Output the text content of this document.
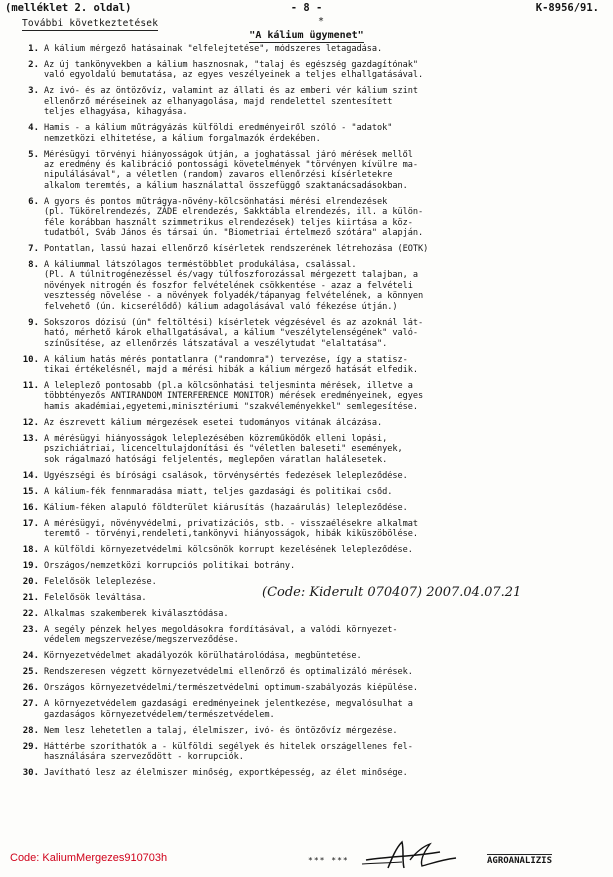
(melléklet 2. oldal)	- 8 -	K-8956/91.
További következtetések	*
"A kálium ügymenet"
1. A kálium mérgező hatásainak "elfelejtetése", módszeres letagadása.
2. Az új tankönyvekben a kálium hasznosnak, "talaj és egészség gazdagítónak"
való egyoldalú bemutatása, az egyes veszélyeinek a teljes elhallgatásával.
3. Az ivó- és az öntözővíz, valamint az állati és az emberi vér kálium szint
ellenőrző méréseinek az elhanyagolása, majd rendelettel szentesített
teljes elhagyása, kihagyása.
4. Hamis - a kálium műtrágyázás külföldi eredményeiről szóló - "adatok"
nemzetközi elhitetése, a kálium forgalmazók érdekében.
5. Mérésügyi törvényi hiányosságok útján, a joghatással járó mérések mellől
az eredmény és kalibráció pontossági követelmények "törvényen kívülre ma-
nipulálásával", a véletlen (random) zavaros ellenőrzési kísérletekre
alkalom teremtés, a kálium használattal összefüggő szaktanácsadásokban.
6. A gyors és pontos műtrágya-növény-kölcsönhatási mérési elrendezések
(pl. Tükörelrendezés, ZÁDE elrendezés, Sakktábla elrendezés, ill. a külön-
féle korábban használt szimmetrikus elrendezések) teljes kiirtása a köz-
tudatból, Sváb János és társai ún. "Biometriai értelmező szótára" alapján.
7. Pontatlan, lassú hazai ellenőrző kísérletek rendszerének létrehozása (EOTK)
8. A káliummal látszólagos terméstöbblet produkálása, csalással.
(Pl. A túlnitrogénezéssel és/vagy túlfoszforozással mérgezett talajban, a
növények nitrogén és foszfor felvételének csökkentése - azaz a felvételi
vesztesség növelése - a növények folyadék/tápanyag felvételének, a könnyen
felvehető (ún. kicserélődő) kálium adagolásával való fékezése útján.)
9. Sokszoros dózisú (ún" feltöltési) kísérletek végzésével és az azoknál lát-
ható, mérhető károk elhallgatásával, a kálium "veszélytelenségének" való-
színűsítése, az ellenőrzés látszatával a veszélytudat "elaltatása".
10. A kálium hatás mérés pontatlanra ("randomra") tervezése, így a statisz-
tikai értékelésnél, majd a mérési hibák a kálium mérgező hatását elfedik.
11. A leleplező pontosabb (pl.a kölcsönhatási teljesminta mérések, illetve a
többtényezős ANTIRANDOM INTERFERENCE MONITOR) mérések eredményeinek, egyes
hamis akadémiai,egyetemi,minisztériumi "szakvéleményekkel" semlegesítése.
12. Az észrevett kálium mérgezések esetei tudományos vitának álcázása.
13. A mérésügyi hiányosságok leleplezésében közreműködők elleni lopási,
pszichiátriai, licenceltulajdonítási és "véletlen baleseti" események,
sok rágalmazó hatósági feljelentés, meglepően váratlan halálesetek.
14. Ügyészségi és bírósági csalások, törvénysértés fedezések lelepleződése.
15. A kálium-fék fennmaradása miatt, teljes gazdasági és politikai csőd.
16. Kálium-féken alapuló földterület kiárusítás (hazaárulás) lelepleződése.
17. A mérésügyi, növényvédelmi, privatizációs, stb. - visszaélésekre alkalmat
teremtő - törvényi,rendeleti,tankönyvi hiányosságok, hibák kiküszöbölése.
18. A külföldi környezetvédelmi kölcsönök korrupt kezelésének lelepleződése.
19. Országos/nemzetközi korrupciós politikai botrány.
20. Felelősök leleplezése.
21. Felelősök leváltása.
22. Alkalmas szakemberek kiválasztódása.
23. A segély pénzek helyes megoldásokra fordításával, a valódi környezet-
védelem megszervezése/megszerveződése.
24. Környezetvédelmet akadályozók körülhatárolódása, megbüntetése.
25. Rendszeresen végzett környezetvédelmi ellenőrző és optimalizáló mérések.
26. Országos környezetvédelmi/természetvédelmi optimum-szabályozás kiépülése.
27. A környezetvédelem gazdasági eredményeinek jelentkezése, megvalósulhat a
gazdaságos környezetvédelem/természetvédelem.
28. Nem lesz lehetetlen a talaj, élelmiszer, ivó- és öntözővíz mérgezése.
29. Háttérbe szoríthatók a - külföldi segélyek és hitelek országellenes fel-
használására szerveződött - korrupciók.
30. Javítható lesz az élelmiszer minőség, exportképesség, az élet minősége.
(Code: Kiderult 070407) 2007.04.07.21
Code: KaliumMergezes910703h	*** ***	AGROANALIZIS
